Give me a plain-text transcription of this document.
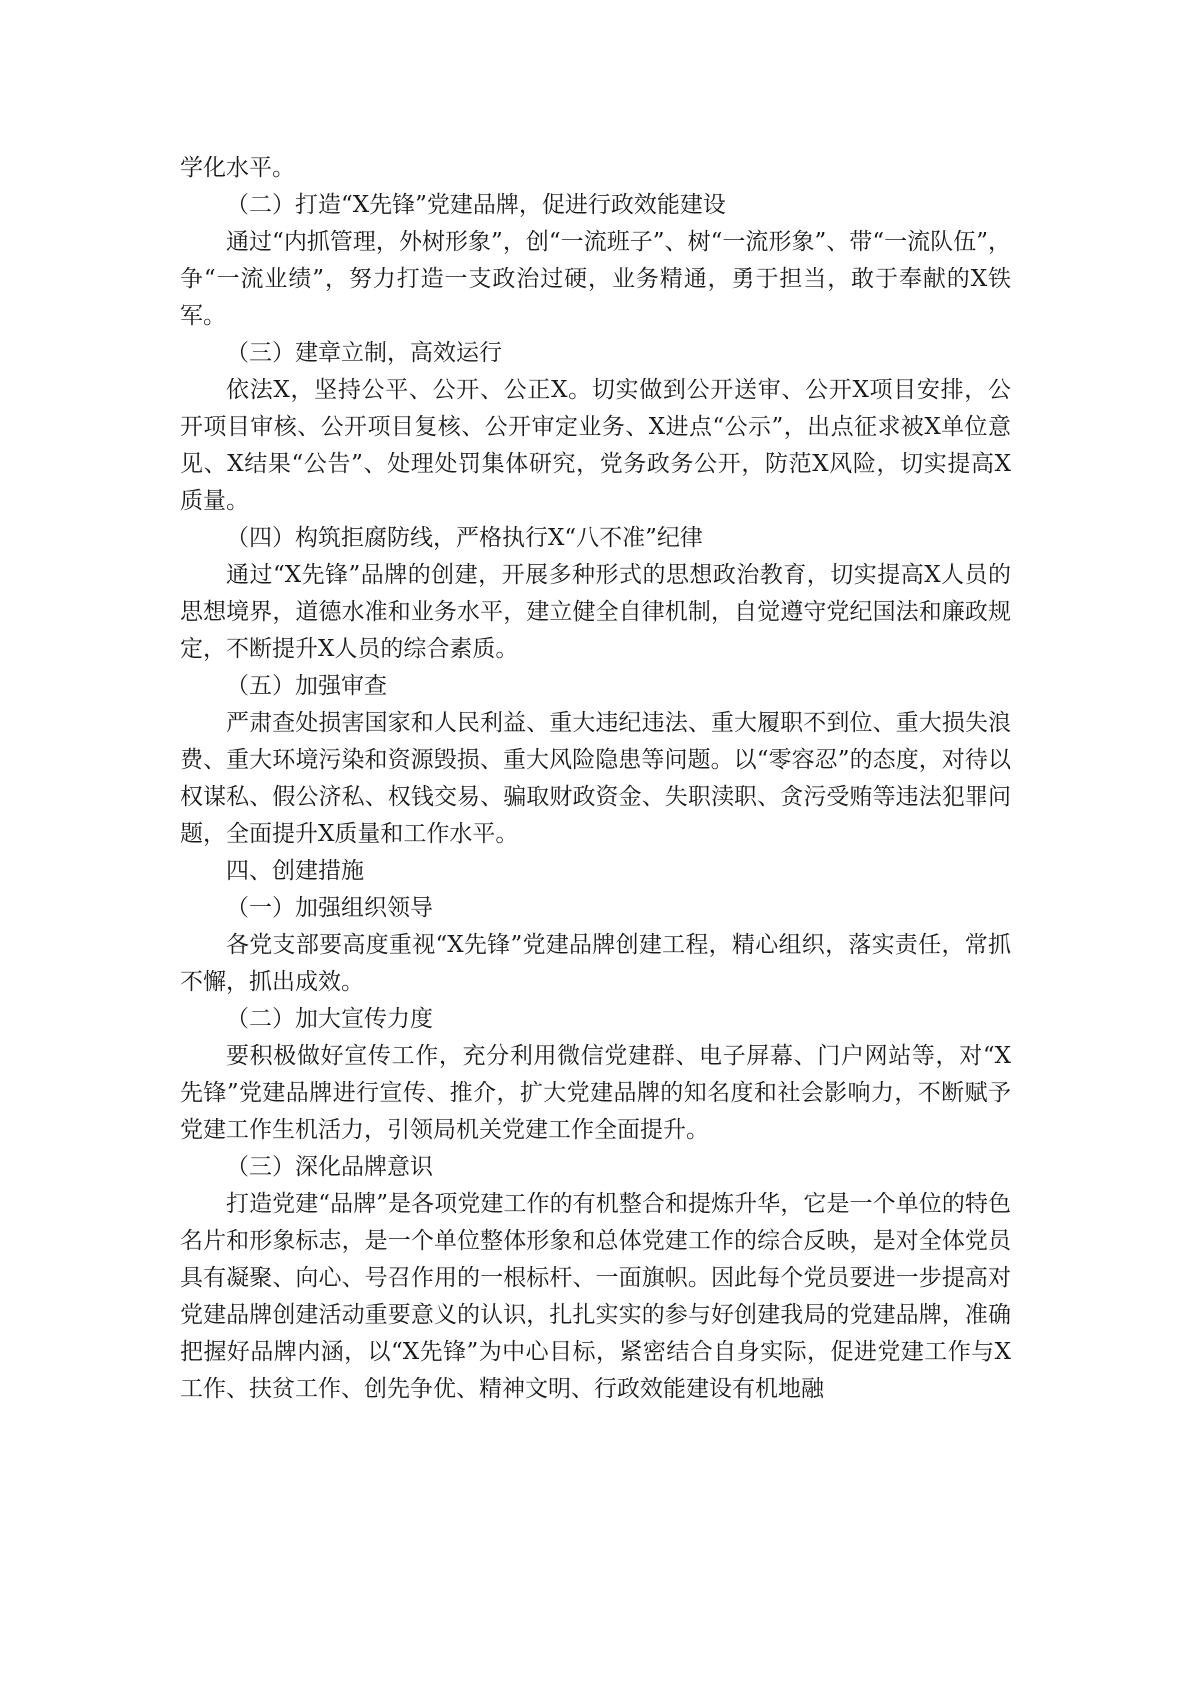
学化水平。

（二）打造“X先锋”党建品牌，促进行政效能建设

通过“内抓管理，外树形象”，创“一流班子”、树“一流形象”、带“一流队伍”，争“一流业绩”，努力打造一支政治过硬，业务精通，勇于担当，敢于奉献的X铁军。

（三）建章立制，高效运行

依法X，坚持公平、公开、公正X。切实做到公开送审、公开X项目安排，公开项目审核、公开项目复核、公开审定业务、X进点“公示”，出点征求被X单位意见、X结果“公告”、处理处罚集体研究，党务政务公开，防范X风险，切实提高X质量。

（四）构筑拒腐防线，严格执行X“八不准”纪律

通过“X先锋”品牌的创建，开展多种形式的思想政治教育，切实提高X人员的思想境界，道德水准和业务水平，建立健全自律机制，自觉遵守党纪国法和廉政规定，不断提升X人员的综合素质。

（五）加强审查

严肃查处损害国家和人民利益、重大违纪违法、重大履职不到位、重大损失浪费、重大环境污染和资源毁损、重大风险隐患等问题。以“零容忍”的态度，对待以权谋私、假公济私、权钱交易、骗取财政资金、失职渎职、贪污受贿等违法犯罪问题，全面提升X质量和工作水平。

四、创建措施

（一）加强组织领导

各党支部要高度重视“X先锋”党建品牌创建工程，精心组织，落实责任，常抓不懈，抓出成效。

（二）加大宣传力度

要积极做好宣传工作，充分利用微信党建群、电子屏幕、门户网站等，对“X先锋”党建品牌进行宣传、推介，扩大党建品牌的知名度和社会影响力，不断赋予党建工作生机活力，引领局机关党建工作全面提升。

（三）深化品牌意识

打造党建“品牌”是各项党建工作的有机整合和提炼升华，它是一个单位的特色名片和形象标志，是一个单位整体形象和总体党建工作的综合反映，是对全体党员具有凝聚、向心、号召作用的一根标杆、一面旗帜。因此每个党员要进一步提高对党建品牌创建活动重要意义的认识，扎扎实实的参与好创建我局的党建品牌，准确把握好品牌内涵，以“X先锋”为中心目标，紧密结合自身实际，促进党建工作与X工作、扶贫工作、创先争优、精神文明、行政效能建设有机地融
